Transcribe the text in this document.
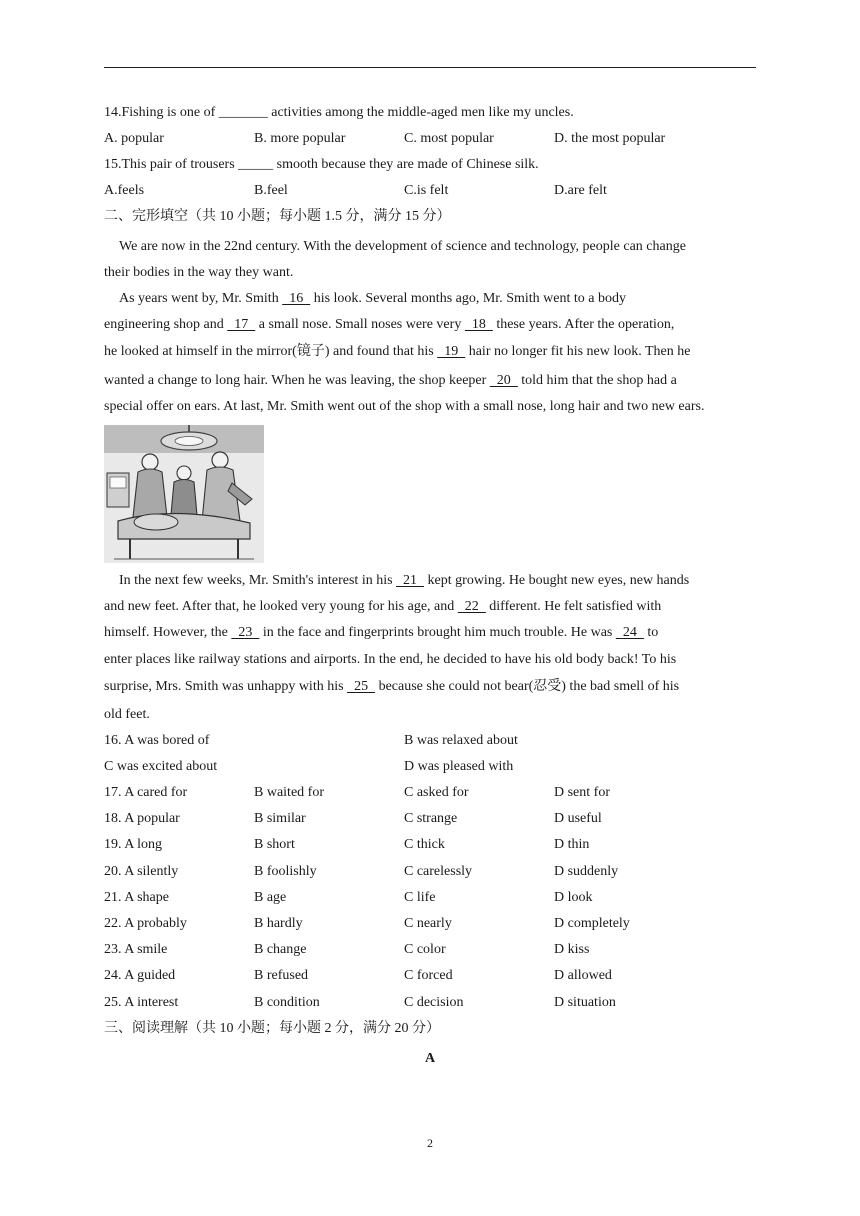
14.Fishing is one of _______ activities among the middle-aged men like my uncles.
A. popular	B. more popular	C. most popular	D. the most popular
15.This pair of trousers _____ smooth because they are made of Chinese silk.
A.feels	B.feel	C.is felt	D.are felt
二、完形填空（共 10 小题；每小题 1.5 分，满分 15 分）
We are now in the 22nd century. With the development of science and technology, people can change
their bodies in the way they want.
As years went by, Mr. Smith   16   his look. Several months ago, Mr. Smith went to a body
engineering shop and   17   a small nose. Small noses were very   18   these years. After the operation,
he looked at himself in the mirror(镜子) and found that his   19   hair no longer fit his new look. Then he
wanted a change to long hair. When he was leaving, the shop keeper   20   told him that the shop had a
special offer on ears. At last, Mr. Smith went out of the shop with a small nose, long hair and two new ears.
In the next few weeks, Mr. Smith's interest in his   21   kept growing. He bought new eyes, new hands
and new feet. After that, he looked very young for his age, and   22   different. He felt satisfied with
himself. However, the   23   in the face and fingerprints brought him much trouble. He was   24   to
enter places like railway stations and airports. In the end, he decided to have his old body back! To his
surprise, Mrs. Smith was unhappy with his   25   because she could not bear(忍受) the bad smell of his
old feet.
16. A was bored of	B was relaxed about
C was excited about	D was pleased with
17. A cared for	B waited for	C asked for	D sent for
18. A popular	B similar	C strange	D useful
19. A long	B short	C thick	D thin
20. A silently	B foolishly	C carelessly	D suddenly
21. A shape	B age	C life	D look
22. A probably	B hardly	C nearly	D completely
23. A smile	B change	C color	D kiss
24. A guided	B refused	C forced	D allowed
25. A interest	B condition	C decision	D situation
三、阅读理解（共 10 小题；每小题 2 分，满分 20 分）
A
2
